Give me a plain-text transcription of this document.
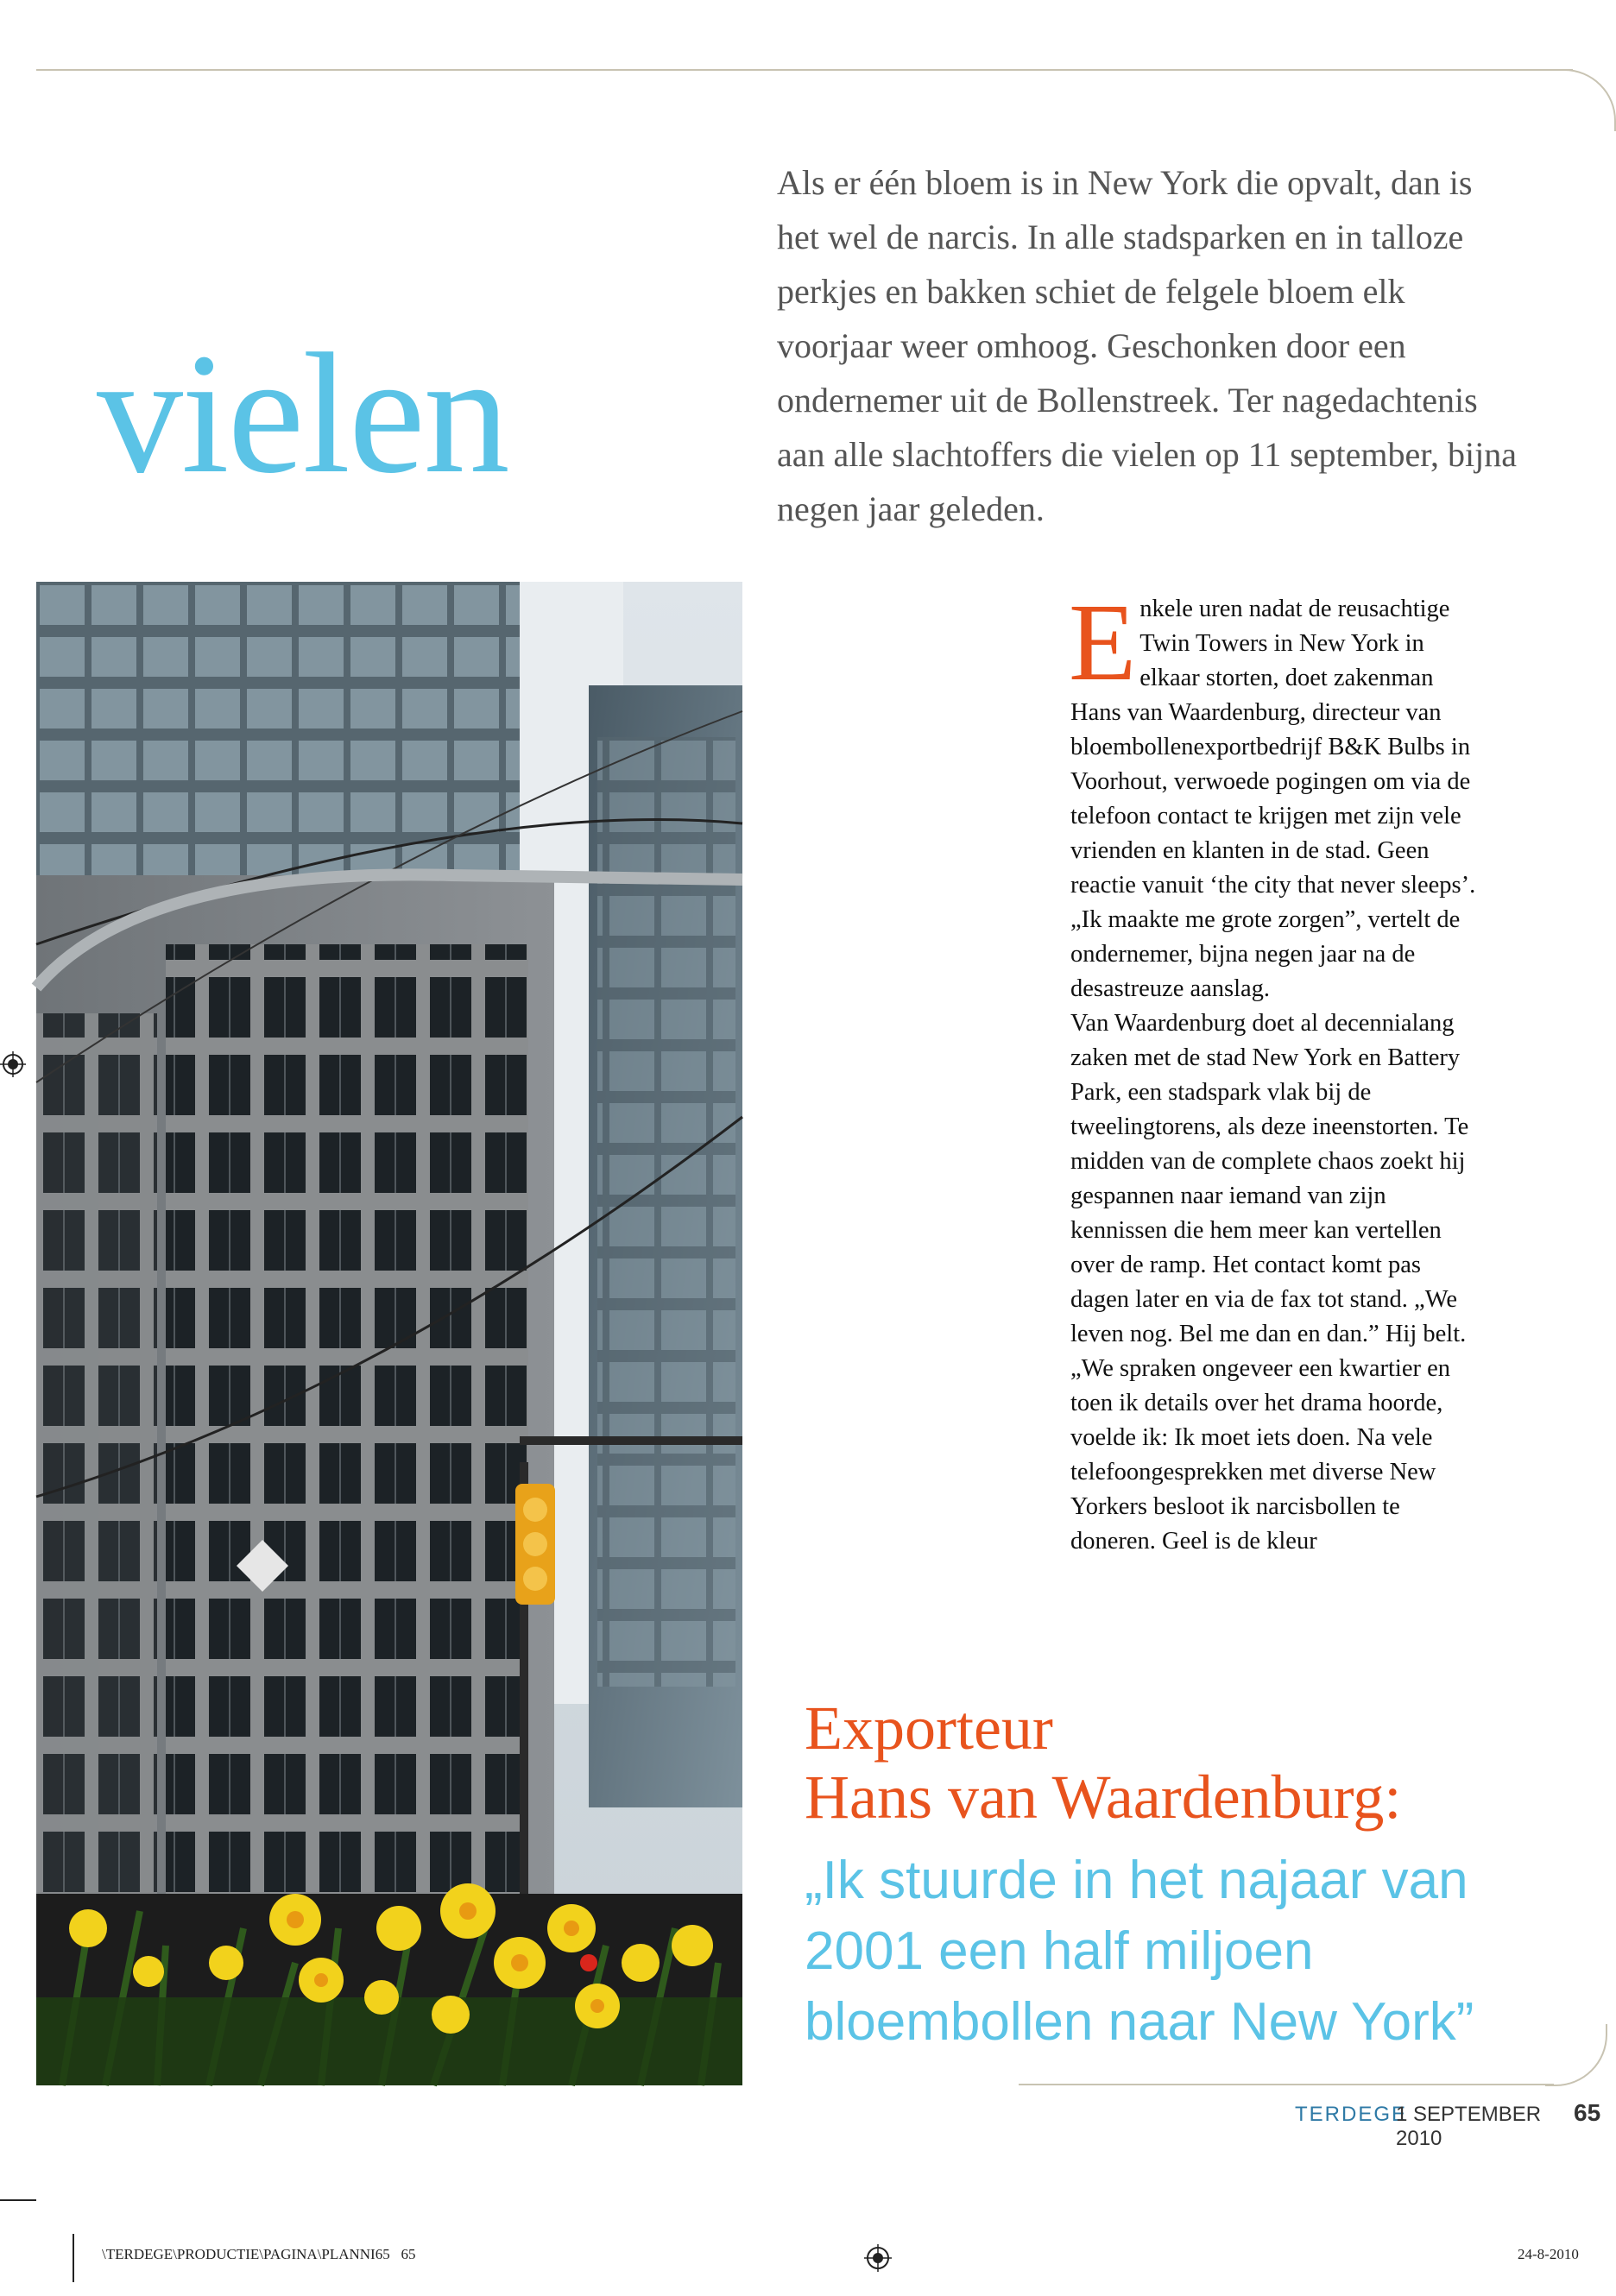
vielen
Als er één bloem is in New York die opvalt, dan is het wel de narcis. In alle stadsparken en in talloze perkjes en bakken schiet de felgele bloem elk voorjaar weer omhoog. Geschonken door een ondernemer uit de Bollenstreek. Ter nagedachtenis aan alle slachtoffers die vielen op 11 september, bijna negen jaar geleden.
E nkele uren nadat de reusachtige Twin Towers in New York in elkaar storten, doet zakenman Hans van Waardenburg, directeur van bloembollenexportbedrijf B&K Bulbs in Voorhout, verwoede pogingen om via de telefoon contact te krijgen met zijn vele vrienden en klanten in de stad. Geen reactie vanuit ‘the city that never sleeps’. „Ik maakte me grote zorgen”, vertelt de ondernemer, bijna negen jaar na de desastreuze aanslag.

Van Waardenburg doet al decennialang zaken met de stad New York en Battery Park, een stadspark vlak bij de tweelingtorens, als deze ineenstorten. Te midden van de complete chaos zoekt hij gespannen naar iemand van zijn kennissen die hem meer kan vertellen over de ramp. Het contact komt pas dagen later en via de fax tot stand. „We leven nog. Bel me dan en dan.” Hij belt. „We spraken ongeveer een kwartier en toen ik details over het drama hoorde, voelde ik: Ik moet iets doen. Na vele telefoongesprekken met diverse New Yorkers besloot ik narcisbollen te doneren. Geel is de kleur

Exporteur
Hans van Waardenburg:
„Ik stuurde in het najaar van 2001 een half miljoen bloembollen naar New York”
TERDEGE
1 SEPTEMBER 2010
65
\TERDEGE\PRODUCTIE\PAGINA\PLANNI65 65	24-8-2010
